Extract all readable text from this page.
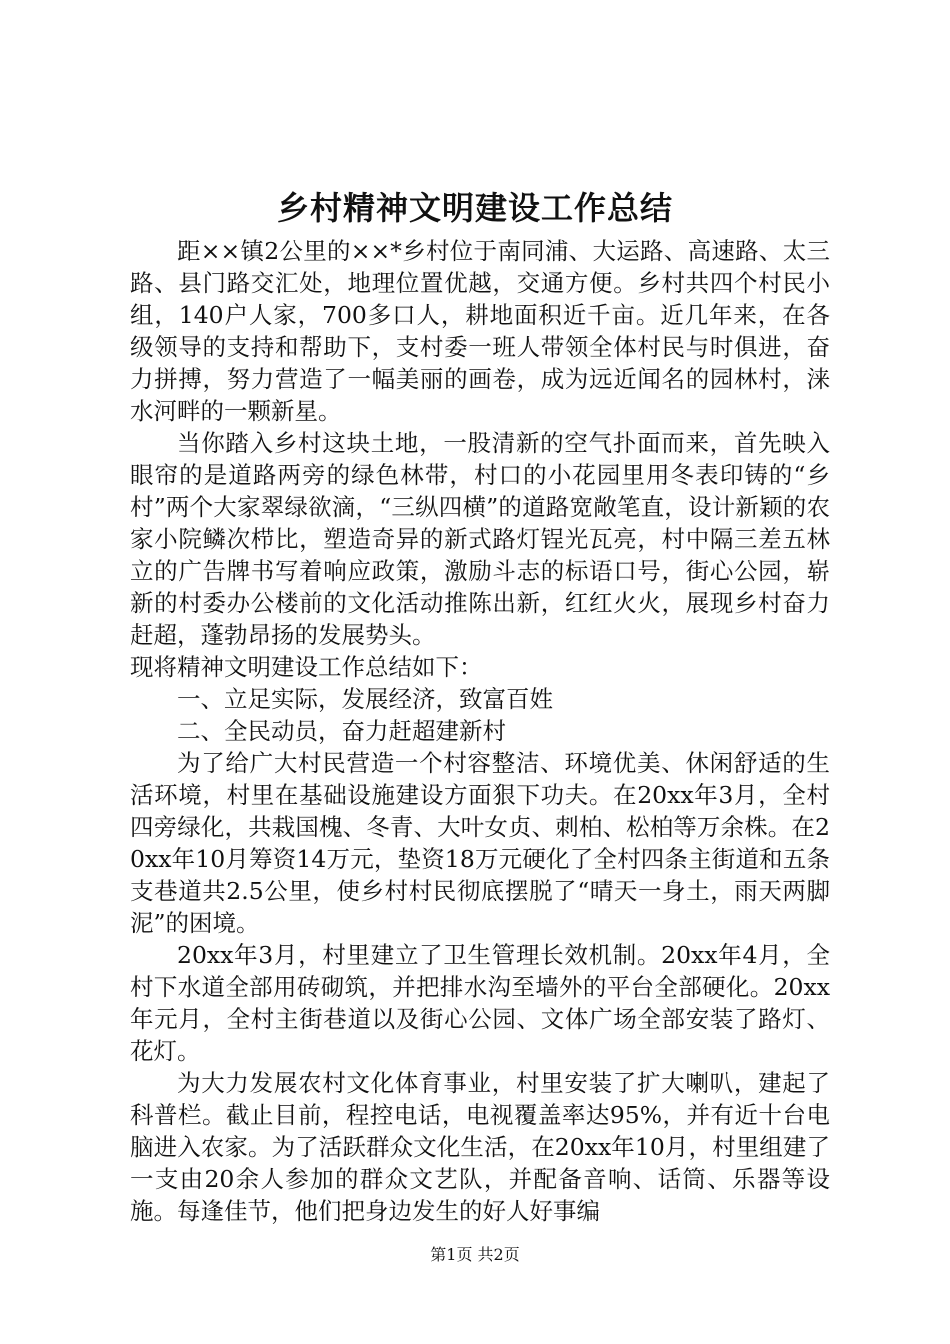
乡村精神文明建设工作总结

距××镇2公里的××*乡村位于南同浦、大运路、高速路、太三路、县门路交汇处，地理位置优越，交通方便。乡村共四个村民小组，140户人家，700多口人，耕地面积近千亩。近几年来，在各级领导的支持和帮助下，支村委一班人带领全体村民与时俱进，奋力拼搏，努力营造了一幅美丽的画卷，成为远近闻名的园林村，涞水河畔的一颗新星。

当你踏入乡村这块土地，一股清新的空气扑面而来，首先映入眼帘的是道路两旁的绿色林带，村口的小花园里用冬表印铸的“乡村”两个大家翠绿欲滴，“三纵四横”的道路宽敞笔直，设计新颖的农家小院鳞次栉比，塑造奇异的新式路灯锃光瓦亮，村中隔三差五林立的广告牌书写着响应政策，激励斗志的标语口号，街心公园，崭新的村委办公楼前的文化活动推陈出新，红红火火，展现乡村奋力赶超，蓬勃昂扬的发展势头。

现将精神文明建设工作总结如下：

一、立足实际，发展经济，致富百姓

二、全民动员，奋力赶超建新村

为了给广大村民营造一个村容整洁、环境优美、休闲舒适的生活环境，村里在基础设施建设方面狠下功夫。在20xx年3月，全村四旁绿化，共栽国槐、冬青、大叶女贞、刺柏、松柏等万余株。在20xx年10月筹资14万元，垫资18万元硬化了全村四条主街道和五条支巷道共2.5公里，使乡村村民彻底摆脱了“晴天一身土，雨天两脚泥”的困境。

20xx年3月，村里建立了卫生管理长效机制。20xx年4月，全村下水道全部用砖砌筑，并把排水沟至墙外的平台全部硬化。20xx年元月，全村主街巷道以及街心公园、文体广场全部安装了路灯、花灯。

为大力发展农村文化体育事业，村里安装了扩大喇叭，建起了科普栏。截止目前，程控电话，电视覆盖率达95%，并有近十台电脑进入农家。为了活跃群众文化生活，在20xx年10月，村里组建了一支由20余人参加的群众文艺队，并配备音响、话筒、乐器等设施。每逢佳节，他们把身边发生的好人好事编

第1页 共2页
